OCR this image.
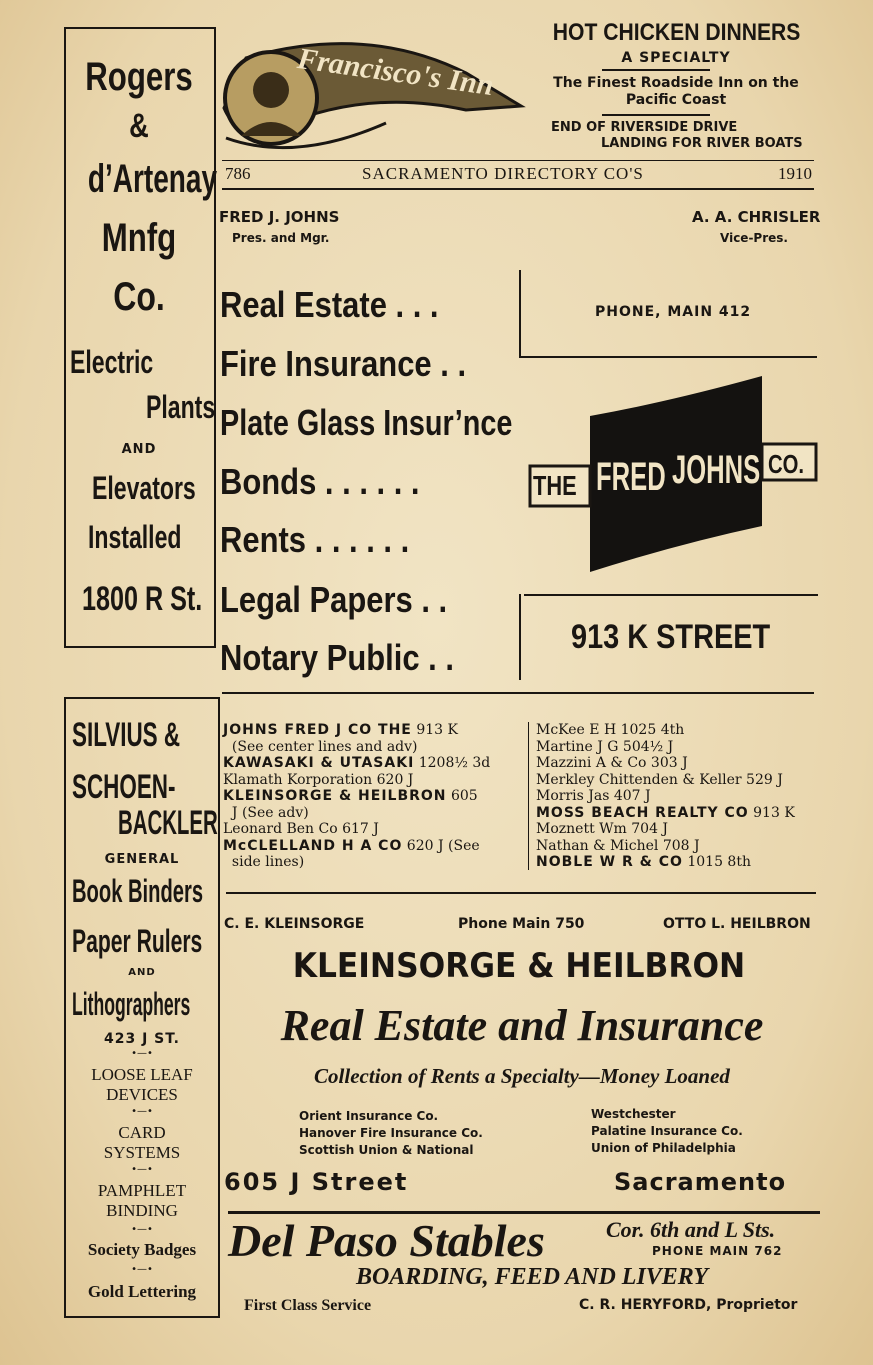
Rogers
&
d’Artenay
Mnfg
Co.
Electric
Plants
AND
Elevators
Installed
1800 R St.
Francisco's Inn
HOT CHICKEN DINNERS
A SPECIALTY
The Finest Roadside Inn on the
Pacific Coast
END OF RIVERSIDE DRIVE
LANDING FOR RIVER BOATS
786	SACRAMENTO DIRECTORY CO'S	1910
FRED J. JOHNS
Pres. and Mgr.
A. A. CHRISLER
Vice-Pres.
Real Estate . . .
Fire Insurance . .
Plate Glass Insur’nce
Bonds . . . . . .
Rents . . . . . .
Legal Papers . .
Notary Public . .
PHONE, MAIN 412
THE FRED JOHNS CO.
913 K STREET
SILVIUS &
SCHOEN-
BACKLER
GENERAL
Book Binders
Paper Rulers
AND
Lithographers
423 J ST.
•—•
LOOSE LEAF
DEVICES
•—•
CARD
SYSTEMS
•—•
PAMPHLET
BINDING
•—•
Society Badges
•—•
Gold Lettering
JOHNS FRED J CO THE 913 K
(See center lines and adv)
KAWASAKI & UTASAKI 1208½ 3d
Klamath Korporation 620 J
KLEINSORGE & HEILBRON 605
J (See adv)
Leonard Ben Co 617 J
McCLELLAND H A CO 620 J (See
side lines)
McKee E H 1025 4th
Martine J G 504½ J
Mazzini A & Co 303 J
Merkley Chittenden & Keller 529 J
Morris Jas 407 J
MOSS BEACH REALTY CO 913 K
Moznett Wm 704 J
Nathan & Michel 708 J
NOBLE W R & CO 1015 8th
C. E. KLEINSORGE	Phone Main 750	OTTO L. HEILBRON
KLEINSORGE & HEILBRON
Real Estate and Insurance
Collection of Rents a Specialty—Money Loaned
Orient Insurance Co.
Hanover Fire Insurance Co.
Scottish Union & National
Westchester
Palatine Insurance Co.
Union of Philadelphia
605 J Street	Sacramento
Del Paso Stables	Cor. 6th and L Sts.
PHONE MAIN 762
BOARDING, FEED AND LIVERY
First Class Service	C. R. HERYFORD, Proprietor
